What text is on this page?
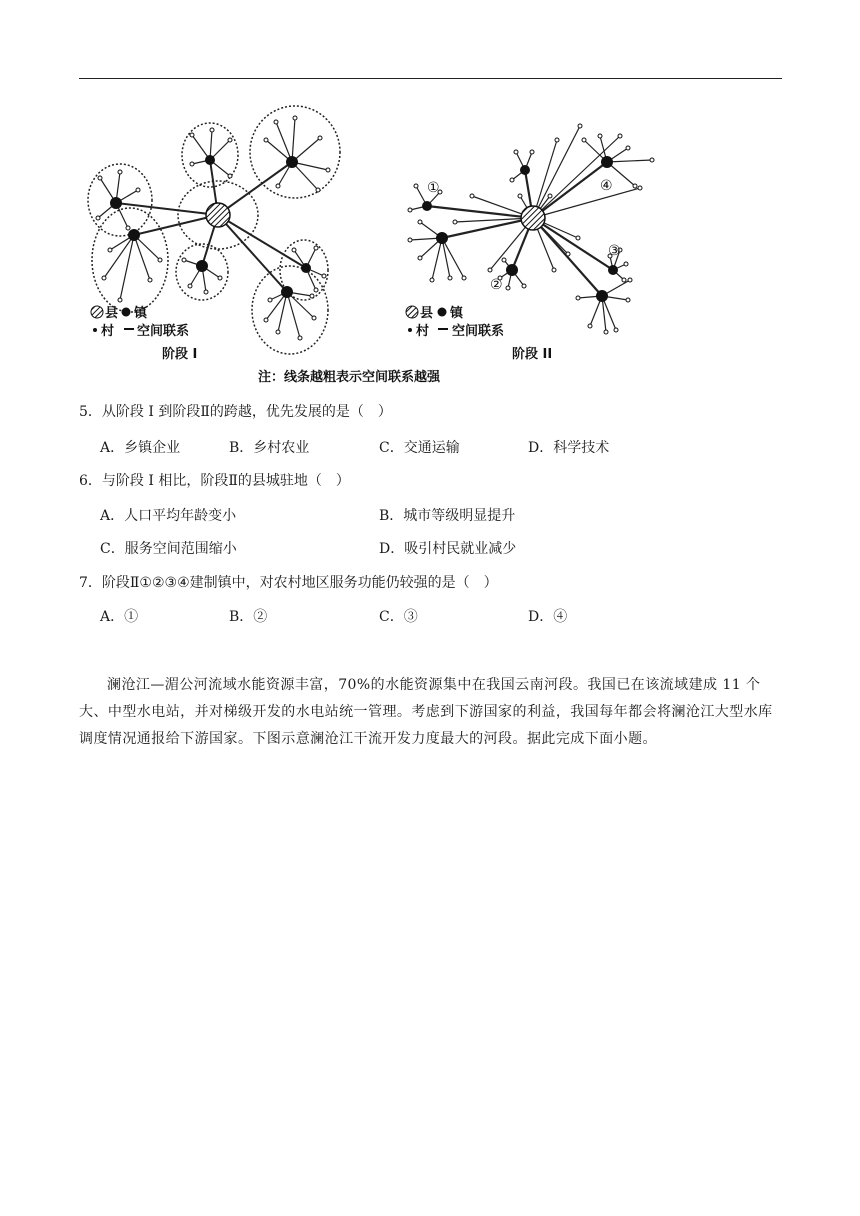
县 镇
村 空间联系
阶段 I
①
②
③
④
县 镇
村 空间联系
阶段 II
注：线条越粗表示空间联系越强
5．从阶段 I 到阶段Ⅱ的跨越，优先发展的是（　）
A．乡镇企业	B．乡村农业	C．交通运输	D．科学技术
6．与阶段 I 相比，阶段Ⅱ的县城驻地（　）
A．人口平均年龄变小	B．城市等级明显提升
C．服务空间范围缩小	D．吸引村民就业减少
7．阶段Ⅱ①②③④建制镇中，对农村地区服务功能仍较强的是（　）
A．①	B．②	C．③	D．④
澜沧江—湄公河流域水能资源丰富，70%的水能资源集中在我国云南河段。我国已在该流域建成 11 个大、中型水电站，并对梯级开发的水电站统一管理。考虑到下游国家的利益，我国每年都会将澜沧江大型水库调度情况通报给下游国家。下图示意澜沧江干流开发力度最大的河段。据此完成下面小题。
